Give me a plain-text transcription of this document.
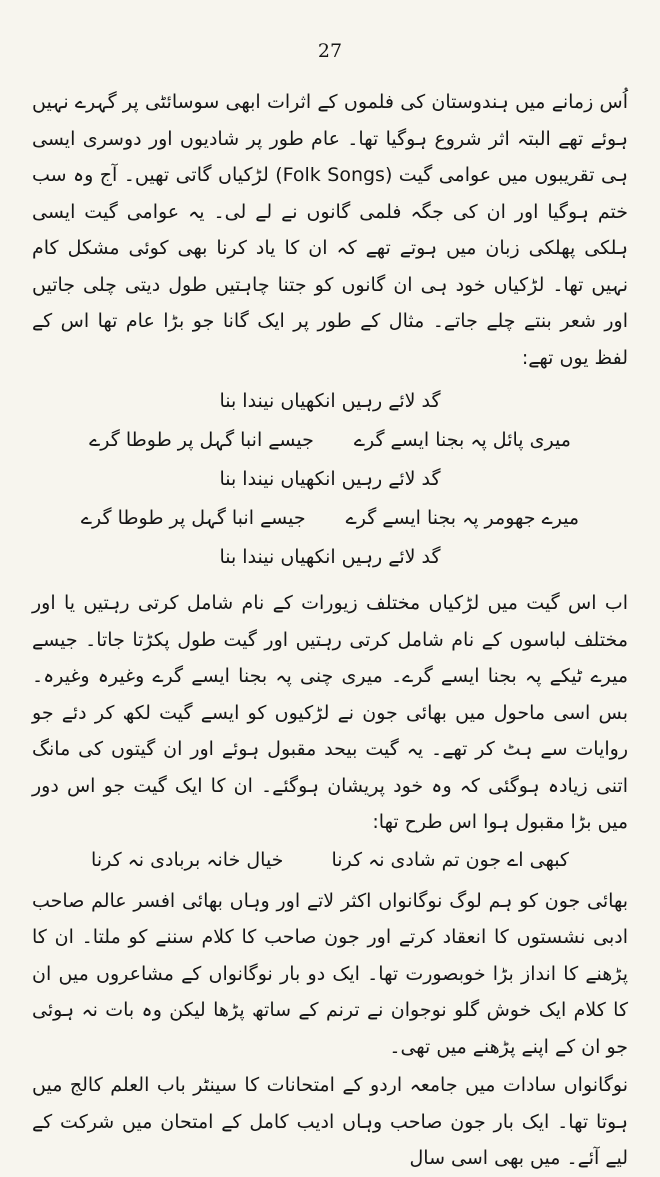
27
اُس زمانے میں ہندوستان کی فلموں کے اثرات ابھی سوسائٹی پر گہرے نہیں ہوئے تھے البتہ اثر شروع ہوگیا تھا۔ عام طور پر شادیوں اور دوسری ایسی ہی تقریبوں میں عوامی گیت (Folk Songs) لڑکیاں گاتی تھیں۔ آج وہ سب ختم ہوگیا اور ان کی جگہ فلمی گانوں نے لے لی۔ یہ عوامی گیت ایسی ہلکی پھلکی زبان میں ہوتے تھے کہ ان کا یاد کرنا بھی کوئی مشکل کام نہیں تھا۔ لڑکیاں خود ہی ان گانوں کو جتنا چاہتیں طول دیتی چلی جاتیں اور شعر بنتے چلے جاتے۔ مثال کے طور پر ایک گانا جو بڑا عام تھا اس کے لفظ یوں تھے:
گد لائے رہیں انکھیاں نیندا بنا
میری پائل پہ بجنا ایسے گرے
جیسے انبا گہل پر طوطا گرے
گد لائے رہیں انکھیاں نیندا بنا
میرے جھومر پہ بجنا ایسے گرے
جیسے انبا گہل پر طوطا گرے
گد لائے رہیں انکھیاں نیندا بنا
اب اس گیت میں لڑکیاں مختلف زیورات کے نام شامل کرتی رہتیں یا اور مختلف لباسوں کے نام شامل کرتی رہتیں اور گیت طول پکڑتا جاتا۔ جیسے میرے ٹیکے پہ بجنا ایسے گرے۔ میری چنی پہ بجنا ایسے گرے وغیرہ وغیرہ۔ بس اسی ماحول میں بھائی جون نے لڑکیوں کو ایسے گیت لکھ کر دئے جو روایات سے ہٹ کر تھے۔ یہ گیت بیحد مقبول ہوئے اور ان گیتوں کی مانگ اتنی زیادہ ہوگئی کہ وہ خود پریشان ہوگئے۔ ان کا ایک گیت جو اس دور میں بڑا مقبول ہوا اس طرح تھا:
کبھی اے جون تم شادی نہ کرنا
خیال خانہ بربادی نہ کرنا
بھائی جون کو ہم لوگ نوگانواں اکثر لاتے اور وہاں بھائی افسر عالم صاحب ادبی نشستوں کا انعقاد کرتے اور جون صاحب کا کلام سننے کو ملتا۔ ان کا پڑھنے کا انداز بڑا خوبصورت تھا۔ ایک دو بار نوگانواں کے مشاعروں میں ان کا کلام ایک خوش گلو نوجوان نے ترنم کے ساتھ پڑھا لیکن وہ بات نہ ہوئی جو ان کے اپنے پڑھنے میں تھی۔
نوگانواں سادات میں جامعہ اردو کے امتحانات کا سینٹر باب العلم کالج میں ہوتا تھا۔ ایک بار جون صاحب وہاں ادیب کامل کے امتحان میں شرکت کے لیے آئے۔ میں بھی اسی سال
